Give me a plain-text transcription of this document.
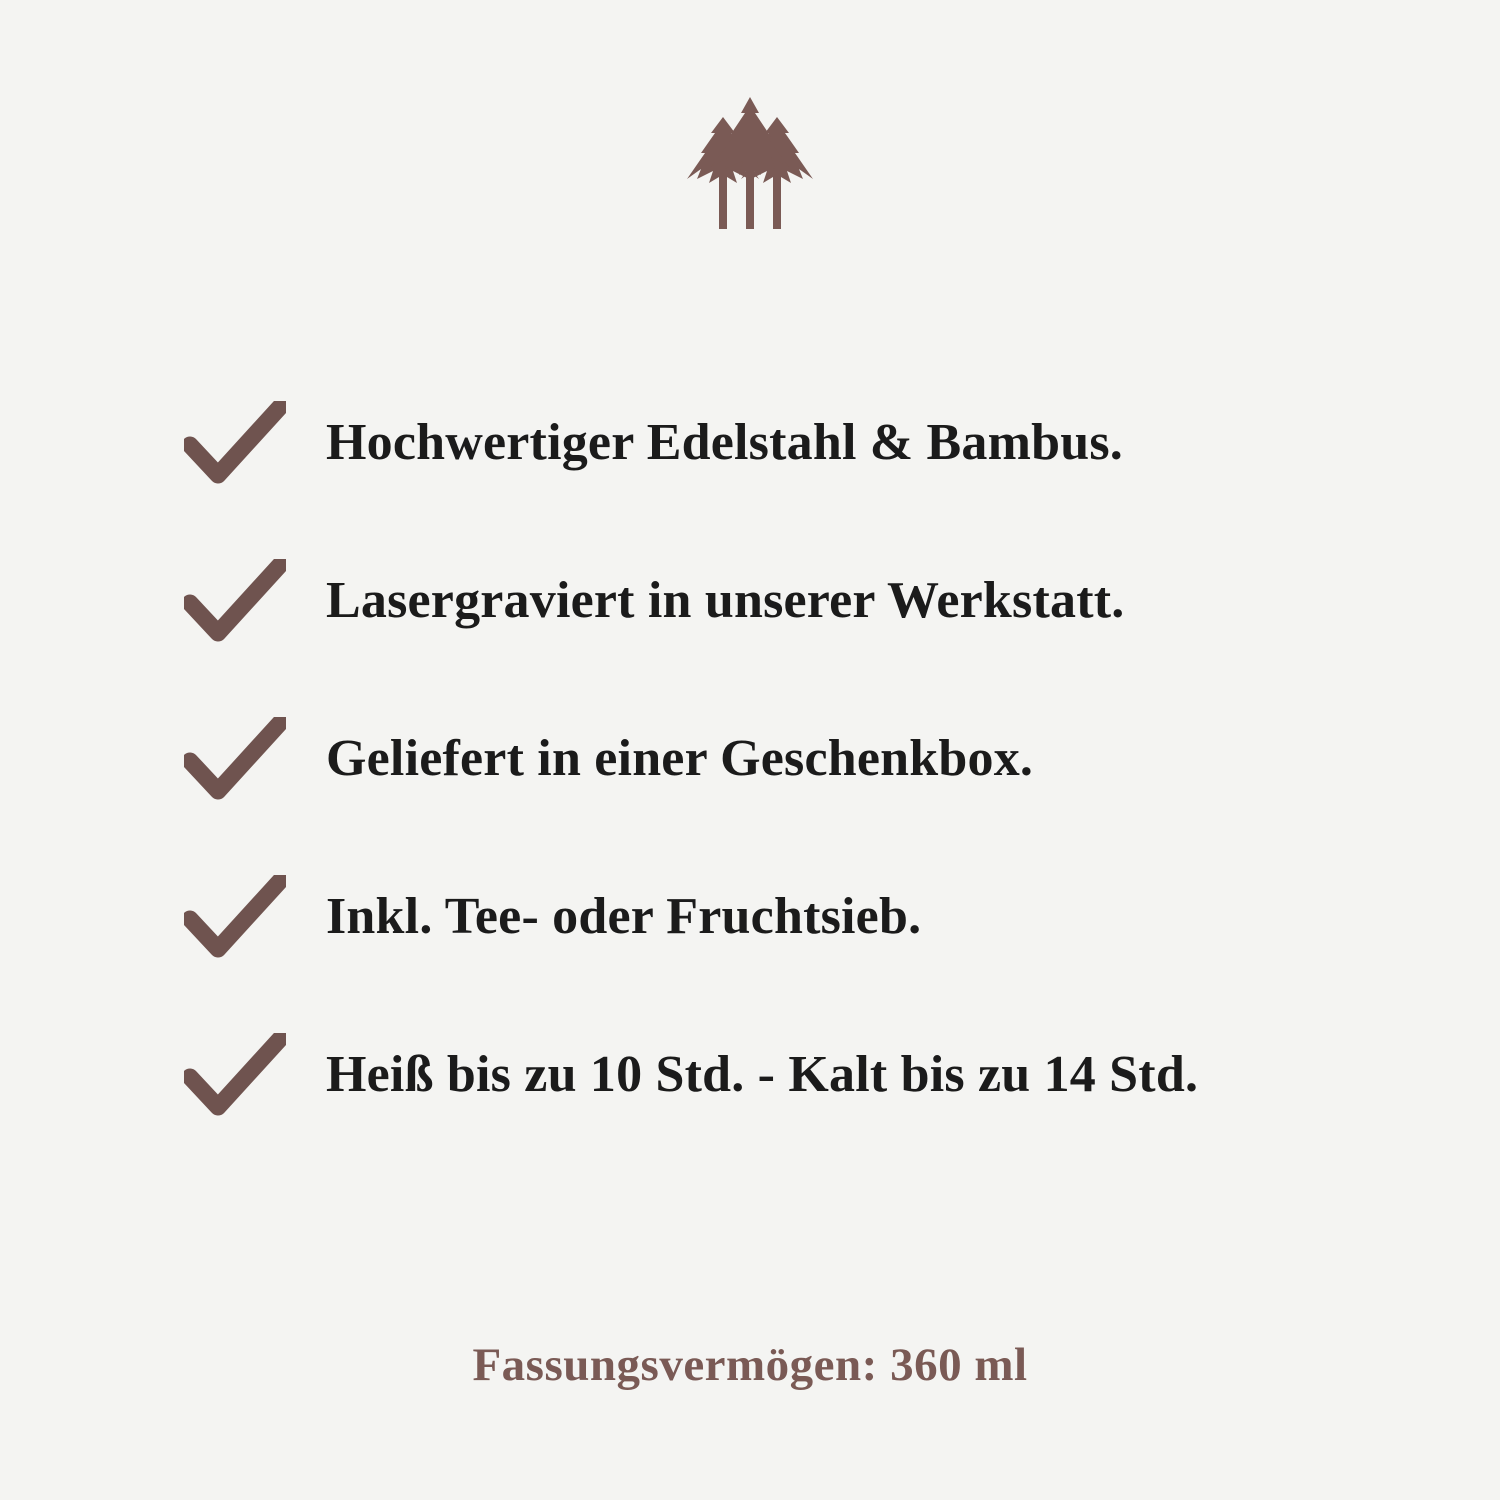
Hochwertiger Edelstahl & Bambus.
Lasergraviert in unserer Werkstatt.
Geliefert in einer Geschenkbox.
Inkl. Tee- oder Fruchtsieb.
Heiß bis zu 10 Std. - Kalt bis zu 14 Std.
Fassungsvermögen: 360 ml
